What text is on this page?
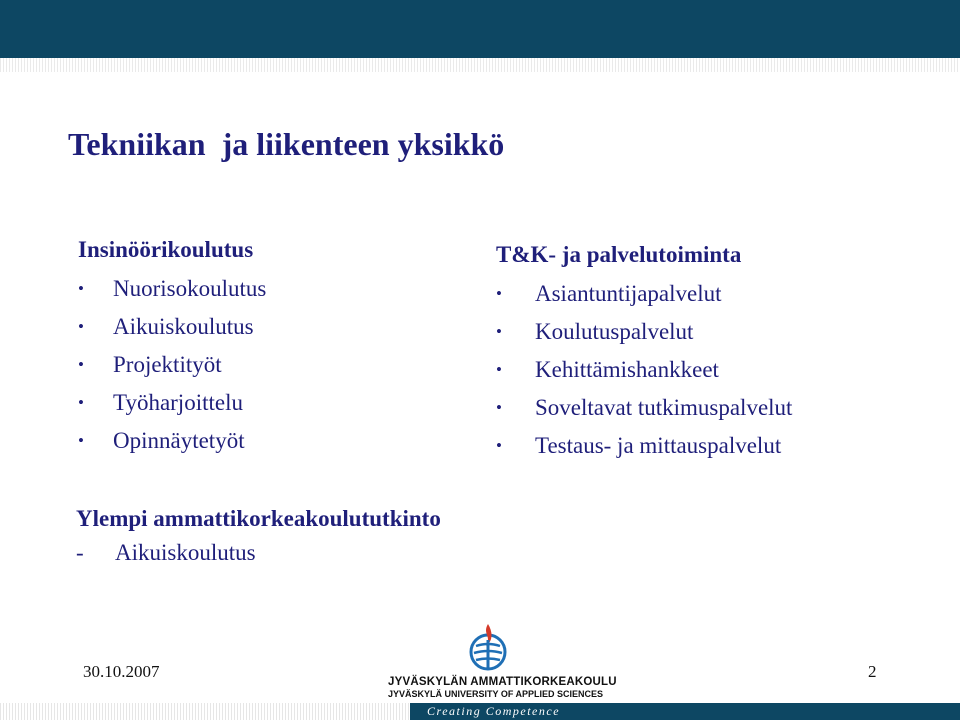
Tekniikan  ja liikenteen yksikkö
Insinöörikoulutus
• Nuorisokoulutus
• Aikuiskoulutus
• Projektityöt
• Työharjoittelu
• Opinnäytetyöt
T&K- ja palvelutoiminta
• Asiantuntijapalvelut
• Koulutuspalvelut
• Kehittämishankkeet
• Soveltavat tutkimuspalvelut
• Testaus- ja mittauspalvelut
Ylempi ammattikorkeakoulututkinto
- Aikuiskoulutus
30.10.2007	2
JYVÄSKYLÄN AMMATTIKORKEAKOULU
JYVÄSKYLÄ UNIVERSITY OF APPLIED SCIENCES
Creating Competence
